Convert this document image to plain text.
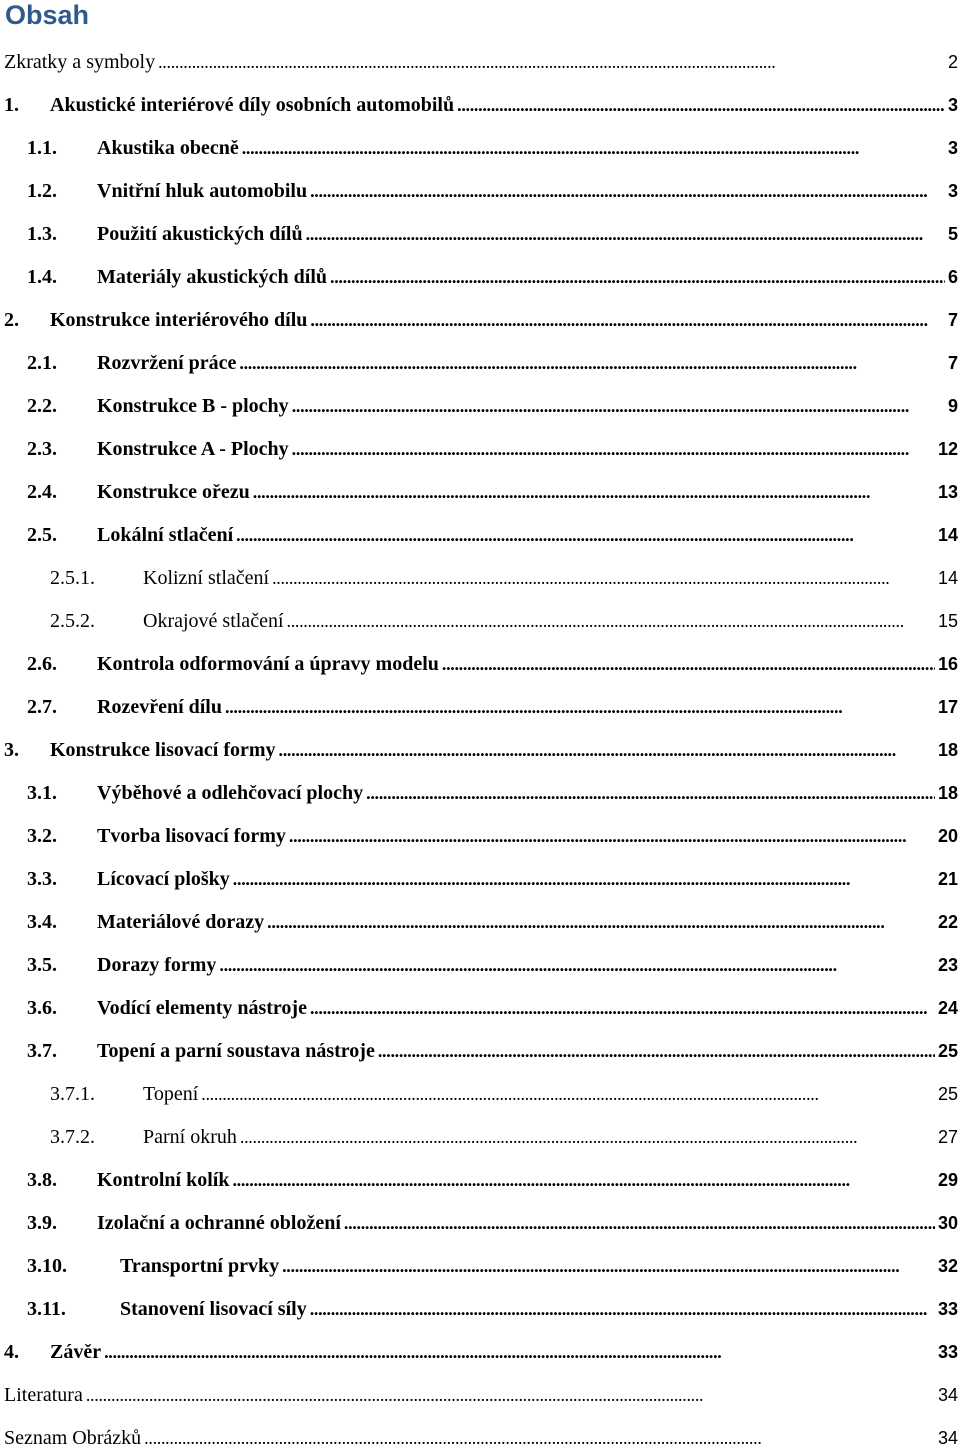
Obsah
Zkratky a symboly . . .	2
1.	Akustické interiérové díly osobních automobilů . . .	3
1.1.	Akustika obecně . . .	3
1.2.	Vnitřní hluk automobilu . . .	3
1.3.	Použití akustických dílů . . .	5
1.4.	Materiály akustických dílů . . .	6
2.	Konstrukce interiérového dílu . . .	7
2.1.	Rozvržení práce . . .	7
2.2.	Konstrukce B - plochy . . .	9
2.3.	Konstrukce A - Plochy . . .	12
2.4.	Konstrukce ořezu . . .	13
2.5.	Lokální stlačení . . .	14
2.5.1.	Kolizní stlačení . . .	14
2.5.2.	Okrajové stlačení . . .	15
2.6.	Kontrola odformování a úpravy modelu . . .	16
2.7.	Rozevření dílu . . .	17
3.	Konstrukce lisovací formy . . .	18
3.1.	Výběhové a odlehčovací plochy . . .	18
3.2.	Tvorba lisovací formy . . .	20
3.3.	Lícovací plošky . . .	21
3.4.	Materiálové dorazy . . .	22
3.5.	Dorazy formy . . .	23
3.6.	Vodící elementy nástroje . . .	24
3.7.	Topení a parní soustava nástroje . . .	25
3.7.1.	Topení . . .	25
3.7.2.	Parní okruh . . .	27
3.8.	Kontrolní kolík . . .	29
3.9.	Izolační a ochranné obložení . . .	30
3.10.	Transportní prvky . . .	32
3.11.	Stanovení lisovací síly . . .	33
4.	Závěr . . .	33
Literatura . . .	34
Seznam Obrázků . . .	34
